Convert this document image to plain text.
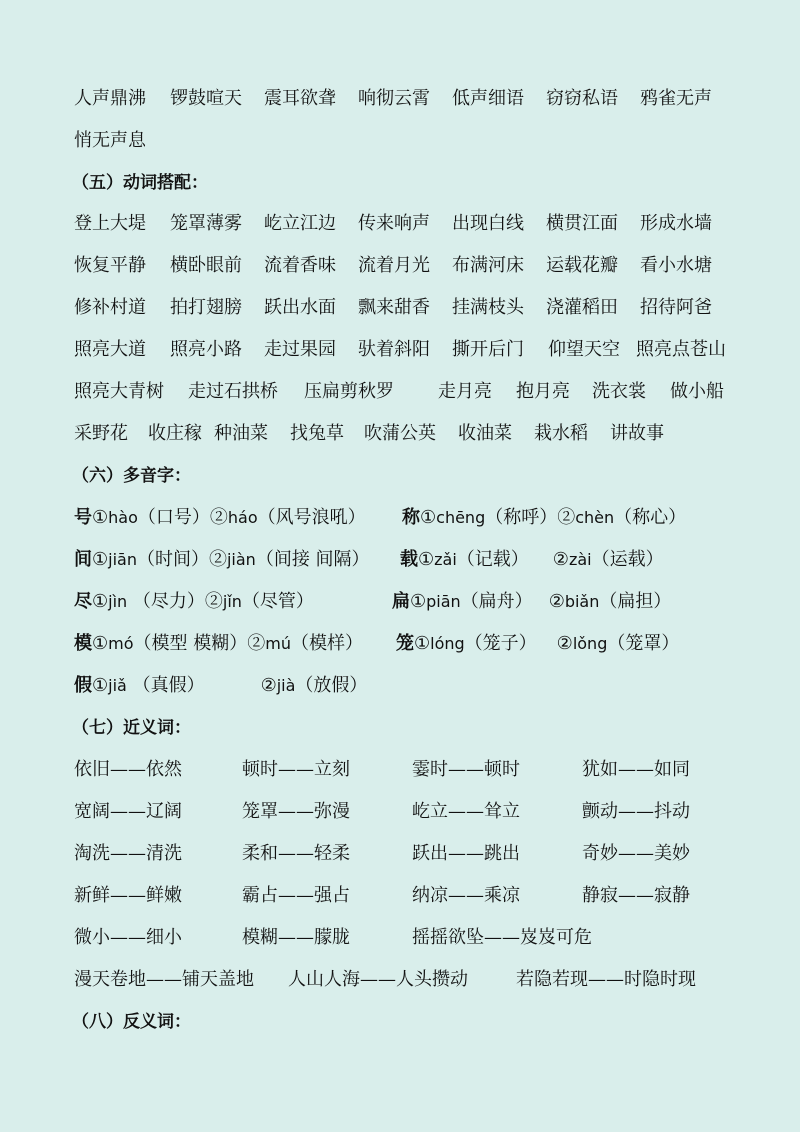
人声鼎沸 锣鼓喧天 震耳欲聋 响彻云霄 低声细语 窃窃私语 鸦雀无声
悄无声息
（五）动词搭配：
登上大堤 笼罩薄雾 屹立江边 传来响声 出现白线 横贯江面 形成水墙
恢复平静 横卧眼前 流着香味 流着月光 布满河床 运载花瓣 看小水塘
修补村道 拍打翅膀 跃出水面 飘来甜香 挂满枝头 浇灌稻田 招待阿爸
照亮大道 照亮小路 走过果园 驮着斜阳 撕开后门 仰望天空 照亮点苍山
照亮大青树 走过石拱桥 压扁剪秋罗 走月亮 抱月亮 洗衣裳 做小船
采野花 收庄稼 种油菜 找兔草 吹蒲公英 收油菜 栽水稻 讲故事
（六）多音字：
号①hào（口号）②háo（风号浪吼） 称①chēng（称呼）②chèn（称心）
间①jiān（时间）②jiàn（间接 间隔） 载①zǎi（记载） ②zài（运载）
尽①jìn （尽力）②jǐn（尽管）	扁①piān（扁舟） ②biǎn（扁担）
模①mó（模型 模糊）②mú（模样） 笼①lóng（笼子） ②lǒng（笼罩）
假①jiǎ （真假）	②jià（放假）
（七）近义词：
依旧——依然	顿时——立刻	霎时——顿时	犹如——如同
宽阔——辽阔	笼罩——弥漫	屹立——耸立	颤动——抖动
淘洗——清洗	柔和——轻柔	跃出——跳出	奇妙——美妙
新鲜——鲜嫩	霸占——强占	纳凉——乘凉	静寂——寂静
微小——细小	模糊——朦胧	摇摇欲坠——岌岌可危
漫天卷地——铺天盖地 人山人海——人头攒动	若隐若现——时隐时现
（八）反义词：
